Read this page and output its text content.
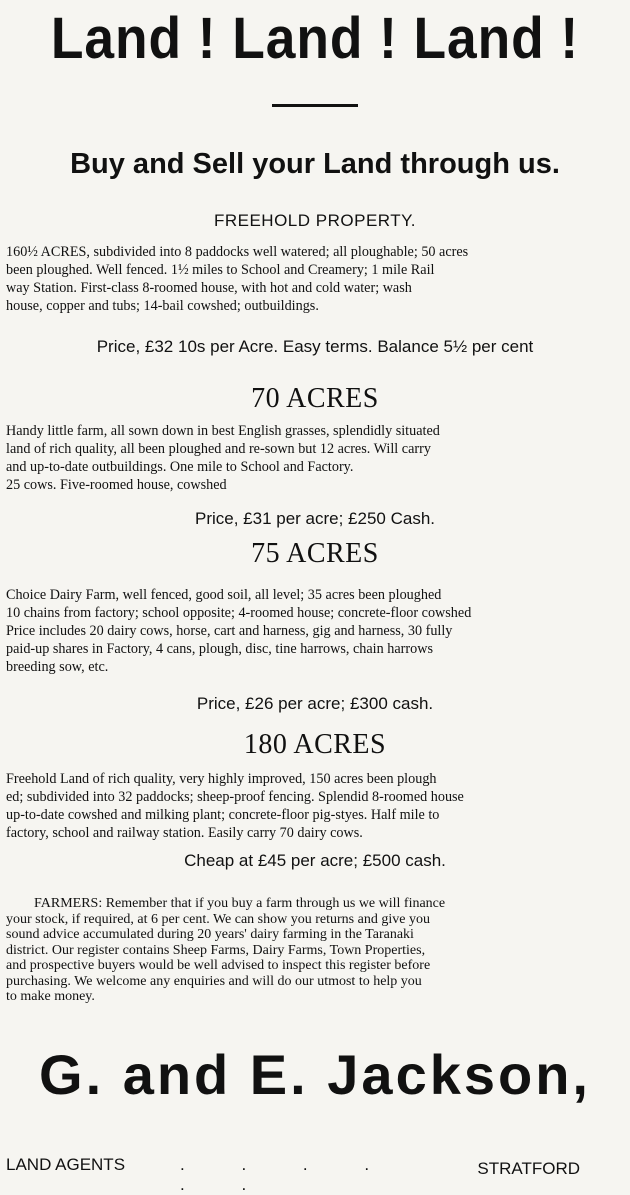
Land ! Land ! Land !
Buy and Sell your Land through us.
FREEHOLD PROPERTY.
160½ ACRES, subdivided into 8 paddocks well watered; all ploughable; 50 acres
been ploughed. Well fenced. 1½ miles to School and Creamery; 1 mile Rail
way Station. First-class 8-roomed house, with hot and cold water; wash
house, copper and tubs; 14-bail cowshed; outbuildings.
Price, £32 10s per Acre. Easy terms. Balance 5½ per cent
70 ACRES
Handy little farm, all sown down in best English grasses, splendidly situated
land of rich quality, all been ploughed and re-sown but 12 acres. Will carry
and up-to-date outbuildings. One mile to School and Factory.
25 cows. Five-roomed house, cowshed
Price, £31 per acre; £250 Cash.
75 ACRES
Choice Dairy Farm, well fenced, good soil, all level; 35 acres been ploughed
10 chains from factory; school opposite; 4-roomed house; concrete-floor cowshed
Price includes 20 dairy cows, horse, cart and harness, gig and harness, 30 fully
paid-up shares in Factory, 4 cans, plough, disc, tine harrows, chain harrows
breeding sow, etc.
Price, £26 per acre; £300 cash.
180 ACRES
Freehold Land of rich quality, very highly improved, 150 acres been plough
ed; subdivided into 32 paddocks; sheep-proof fencing. Splendid 8-roomed house
up-to-date cowshed and milking plant; concrete-floor pig-styes. Half mile to
factory, school and railway station. Easily carry 70 dairy cows.
Cheap at £45 per acre; £500 cash.
FARMERS: Remember that if you buy a farm through us we will finance
your stock, if required, at 6 per cent. We can show you returns and give you
sound advice accumulated during 20 years' dairy farming in the Taranaki
district. Our register contains Sheep Farms, Dairy Farms, Town Properties,
and prospective buyers would be well advised to inspect this register before
purchasing. We welcome any enquiries and will do our utmost to help you
to make money.
G. and E. Jackson,
LAND AGENTS	. . . . . .
STRATFORD
